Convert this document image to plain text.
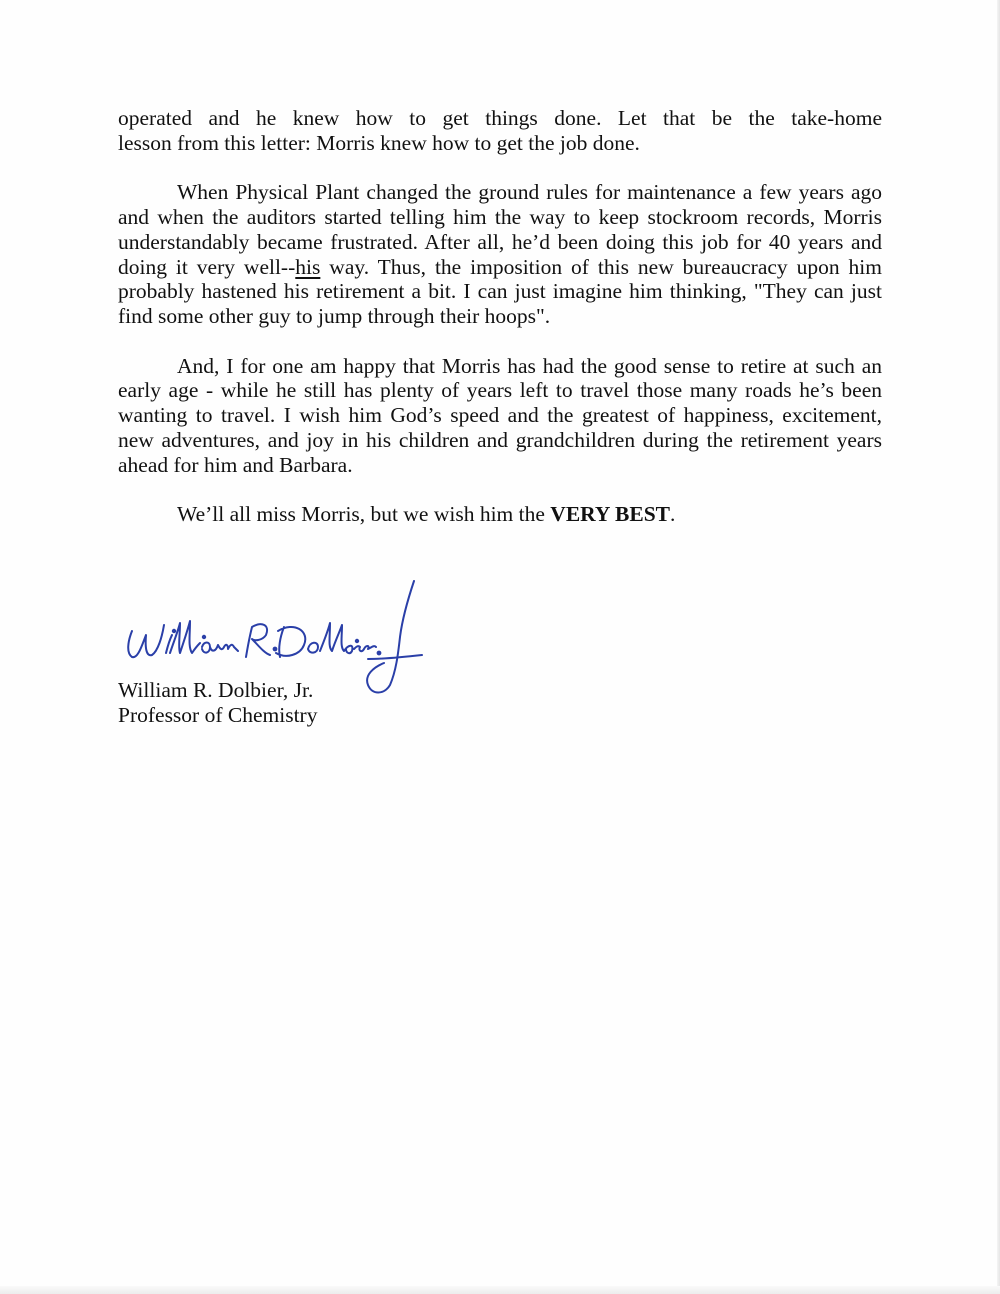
operated and he knew how to get things done. Let that be the take-home
lesson from this letter: Morris knew how to get the job done.

When Physical Plant changed the ground rules for maintenance a few years ago and when the auditors started telling him the way to keep stockroom records, Morris understandably became frustrated. After all, he’d been doing this job for 40 years and doing it very well--his way. Thus, the imposition of this new bureaucracy upon him probably hastened his retirement a bit. I can just imagine him thinking, "They can just find some other guy to jump through their hoops".

And, I for one am happy that Morris has had the good sense to retire at such an early age - while he still has plenty of years left to travel those many roads he’s been wanting to travel. I wish him God’s speed and the greatest of happiness, excitement, new adventures, and joy in his children and grandchildren during the retirement years ahead for him and Barbara.

We’ll all miss Morris, but we wish him the VERY BEST.

William R. Dolbier, Jr.
Professor of Chemistry
